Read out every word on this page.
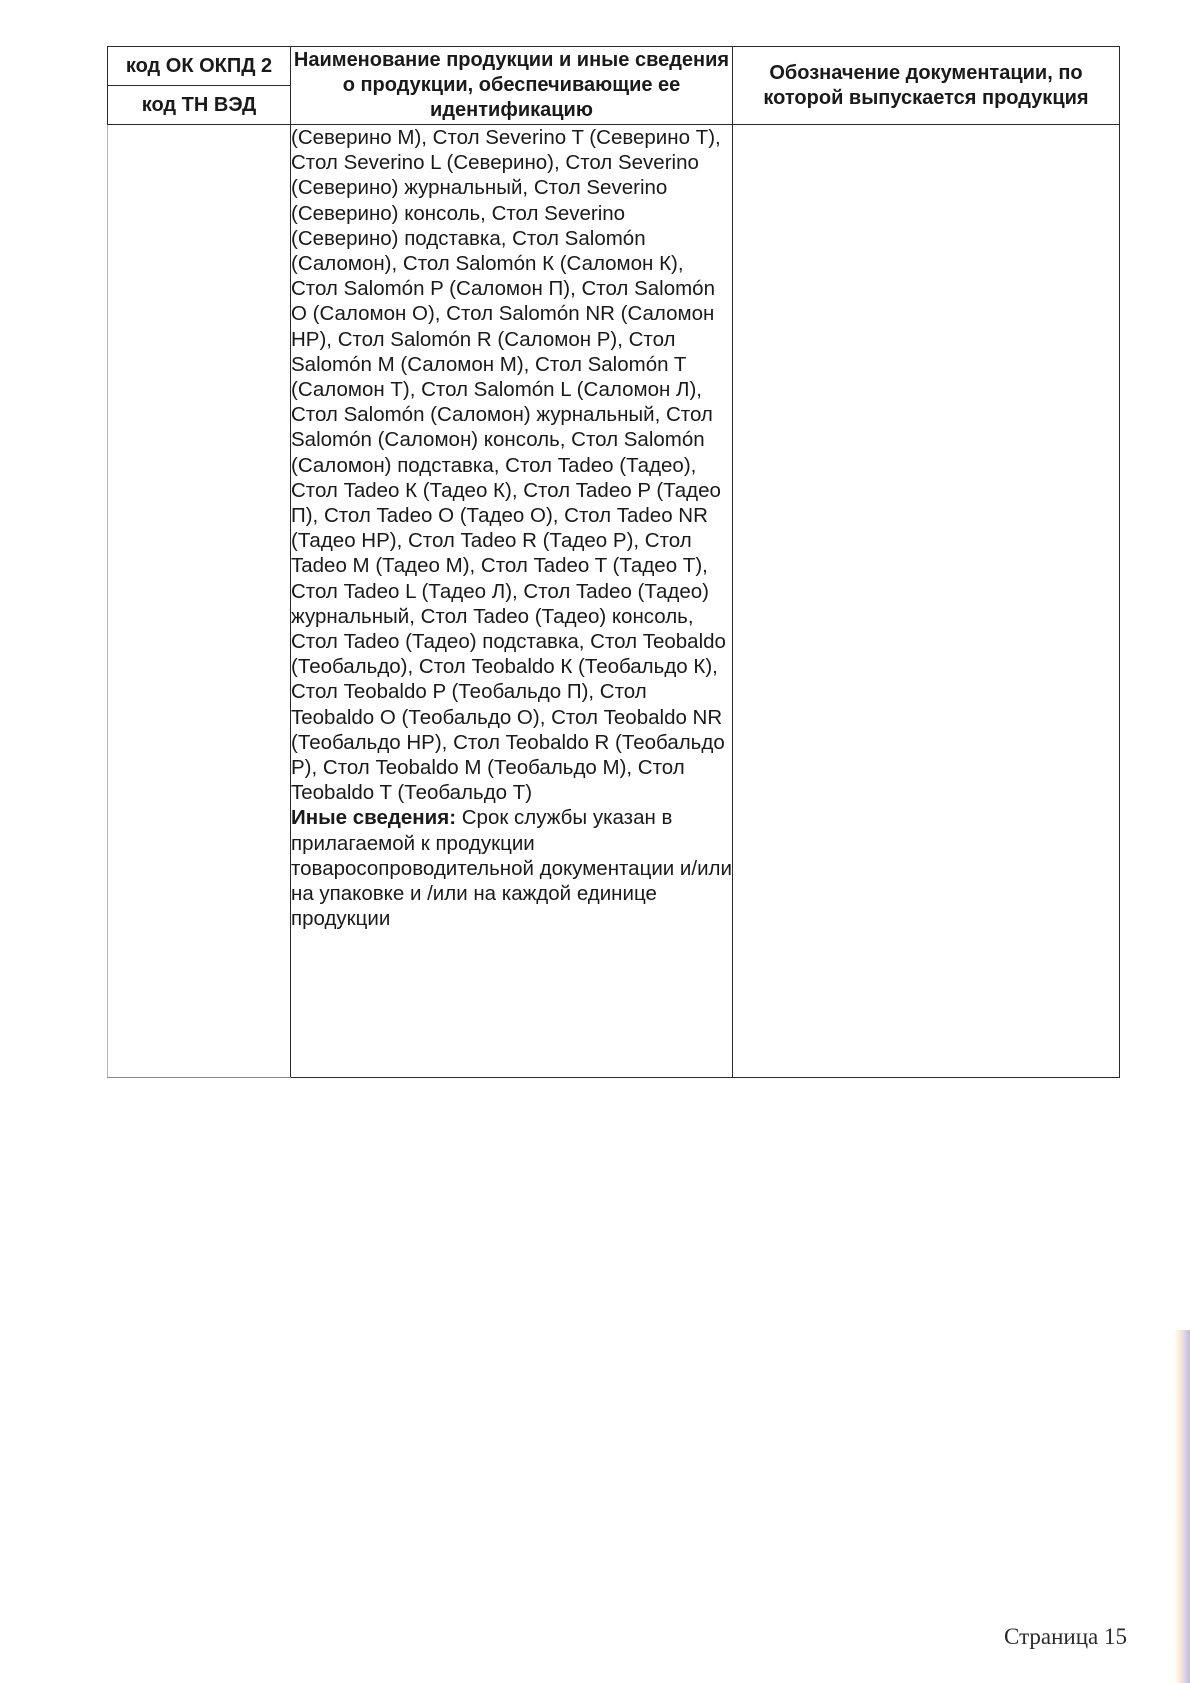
код ОК ОКПД 2	Наименование продукции и иные сведения о продукции, обеспечивающие ее идентификацию	Обозначение документации, по которой выпускается продукция
код ТН ВЭД		
	(Северино М), Стол Severino T (Северино Т), Стол Severino L (Северино), Стол Severino (Северино) журнальный, Стол Severino (Северино) консоль, Стол Severino (Северино) подставка, Стол Salomón (Саломон), Стол Salomón К (Саломон К), Стол Salomón P (Саломон П), Стол Salomón O (Саломон О), Стол Salomón NR (Саломон НР), Стол Salomón R (Саломон Р), Стол Salomón M (Саломон М), Стол Salomón T (Саломон Т), Стол Salomón L (Саломон Л), Стол Salomón (Саломон) журнальный, Стол Salomón (Саломон) консоль, Стол Salomón (Саломон) подставка, Стол Tadeo (Тадео), Стол Tadeo К (Тадео К), Стол Tadeo P (Тадео П), Стол Tadeo O (Тадео О), Стол Tadeo NR (Тадео НР), Стол Tadeo R (Тадео Р), Стол Tadeo M (Тадео М), Стол Tadeo T (Тадео Т), Стол Tadeo L (Тадео Л), Стол Tadeo (Тадео) журнальный, Стол Tadeo (Тадео) консоль, Стол Tadeo (Тадео) подставка, Стол Teobaldo (Теобальдо), Стол Teobaldo К (Теобальдо К), Стол Teobaldo P (Теобальдо П), Стол Teobaldo O (Теобальдо О), Стол Teobaldo NR (Теобальдо НР), Стол Teobaldo R (Теобальдо Р), Стол Teobaldo M (Теобальдо М), Стол Teobaldo T (Теобальдо Т)
Иные сведения: Срок службы указан в прилагаемой к продукции товаросопроводительной документации и/или на упаковке и /или на каждой единице продукции	
Страница 15
